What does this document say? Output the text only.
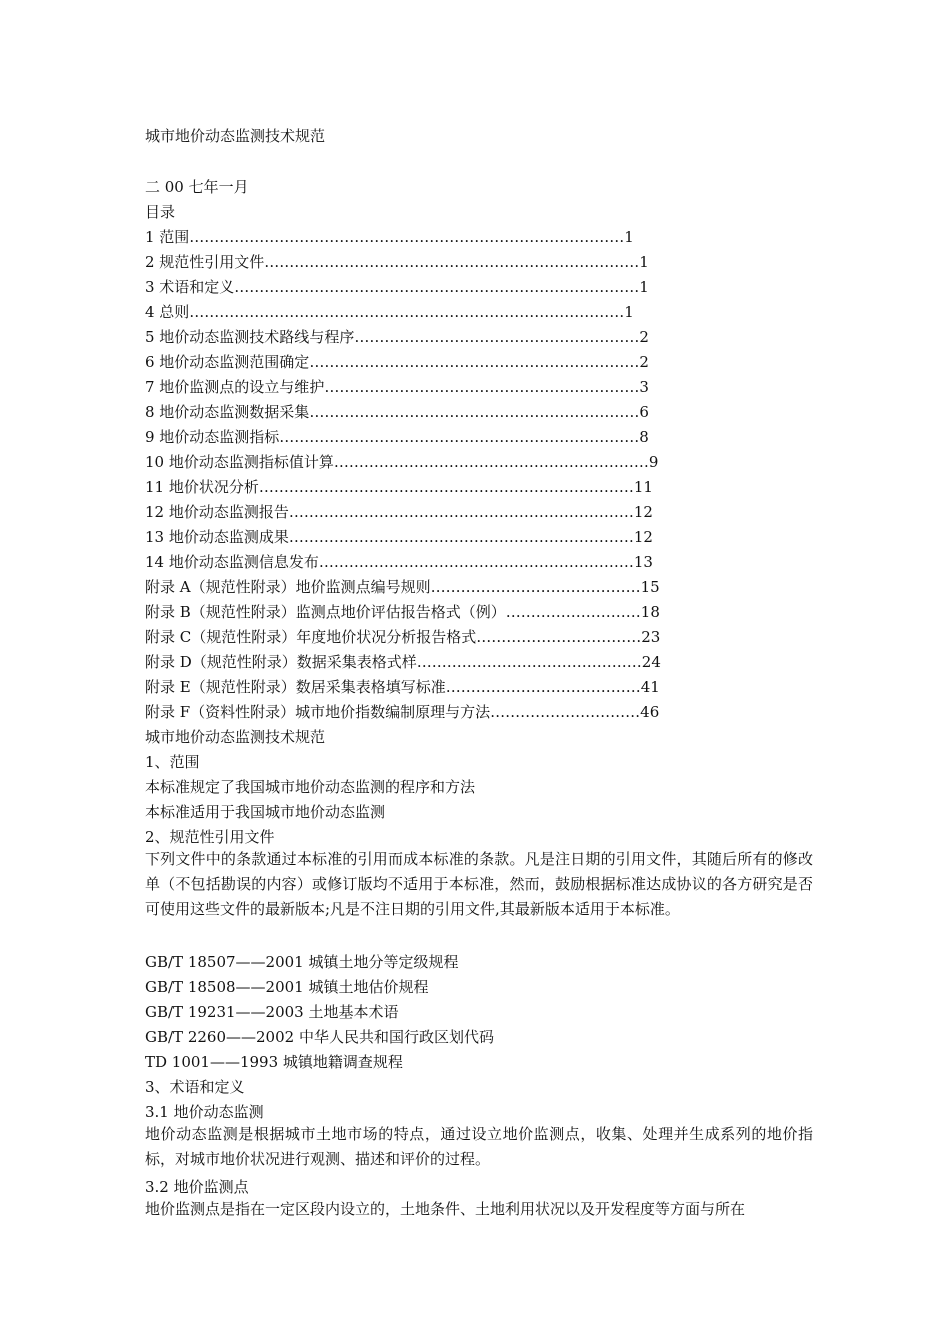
城市地价动态监测技术规范
二 00 七年一月
目录
1 范围……………………………………………………………………………1
2 规范性引用文件…………………………………………………………………1
3 术语和定义………………………………………………………………………1
4 总则……………………………………………………………………………1
5 地价动态监测技术路线与程序…………………………………………………2
6 地价动态监测范围确定…………………………………………………………2
7 地价监测点的设立与维护………………………………………………………3
8 地价动态监测数据采集…………………………………………………………6
9 地价动态监测指标………………………………………………………………8
10 地价动态监测指标值计算………………………………………………………9
11 地价状况分析…………………………………………………………………11
12 地价动态监测报告……………………………………………………………12
13 地价动态监测成果……………………………………………………………12
14 地价动态监测信息发布………………………………………………………13
附录 A（规范性附录）地价监测点编号规则……………………………………15
附录 B（规范性附录）监测点地价评估报告格式（例）………………………18
附录 C（规范性附录）年度地价状况分析报告格式……………………………23
附录 D（规范性附录）数据采集表格式样………………………………………24
附录 E（规范性附录）数居采集表格填写标准…………………………………41
附录 F（资料性附录）城市地价指数编制原理与方法…………………………46
城市地价动态监测技术规范
1、范围
本标准规定了我国城市地价动态监测的程序和方法
本标准适用于我国城市地价动态监测
2、规范性引用文件
下列文件中的条款通过本标准的引用而成本标准的条款。凡是注日期的引用文件，其随后所有的修改单（不包括勘误的内容）或修订版均不适用于本标准，然而，鼓励根据标准达成协议的各方研究是否可使用这些文件的最新版本;凡是不注日期的引用文件,其最新版本适用于本标准。
GB/T 18507——2001 城镇土地分等定级规程
GB/T 18508——2001 城镇土地估价规程
GB/T 19231——2003 土地基本术语
GB/T 2260——2002 中华人民共和国行政区划代码
TD 1001——1993 城镇地籍调查规程
3、术语和定义
3.1 地价动态监测
地价动态监测是根据城市土地市场的特点，通过设立地价监测点，收集、处理并生成系列的地价指标，对城市地价状况进行观测、描述和评价的过程。
3.2 地价监测点
地价监测点是指在一定区段内设立的，土地条件、土地利用状况以及开发程度等方面与所在
